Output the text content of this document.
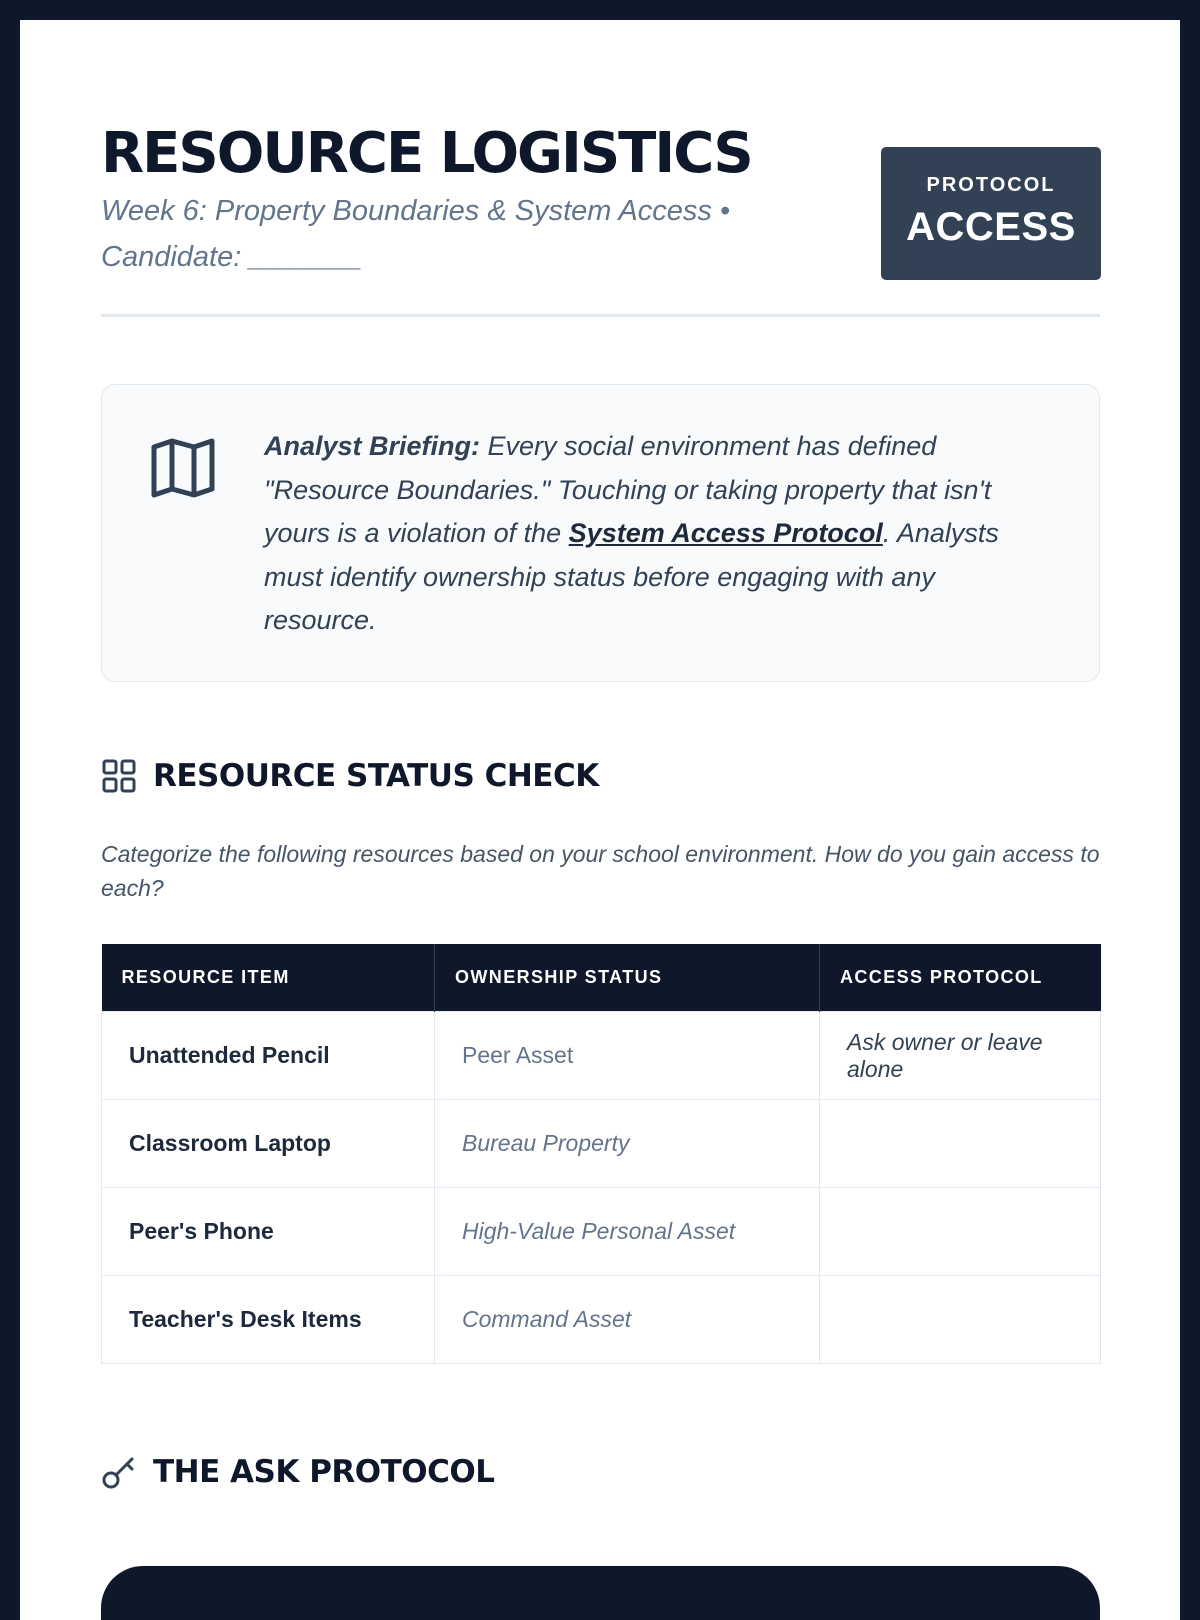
RESOURCE LOGISTICS

Week 6: Property Boundaries & System Access • Candidate: _______

PROTOCOL
ACCESS

Analyst Briefing: Every social environment has defined "Resource Boundaries." Touching or taking property that isn't yours is a violation of the System Access Protocol. Analysts must identify ownership status before engaging with any resource.

RESOURCE STATUS CHECK

Categorize the following resources based on your school environment. How do you gain access to each?

RESOURCE ITEM	OWNERSHIP STATUS	ACCESS PROTOCOL
Unattended Pencil	Peer Asset	Ask owner or leave alone
Classroom Laptop	Bureau Property	
Peer's Phone	High-Value Personal Asset	
Teacher's Desk Items	Command Asset	
THE ASK PROTOCOL
